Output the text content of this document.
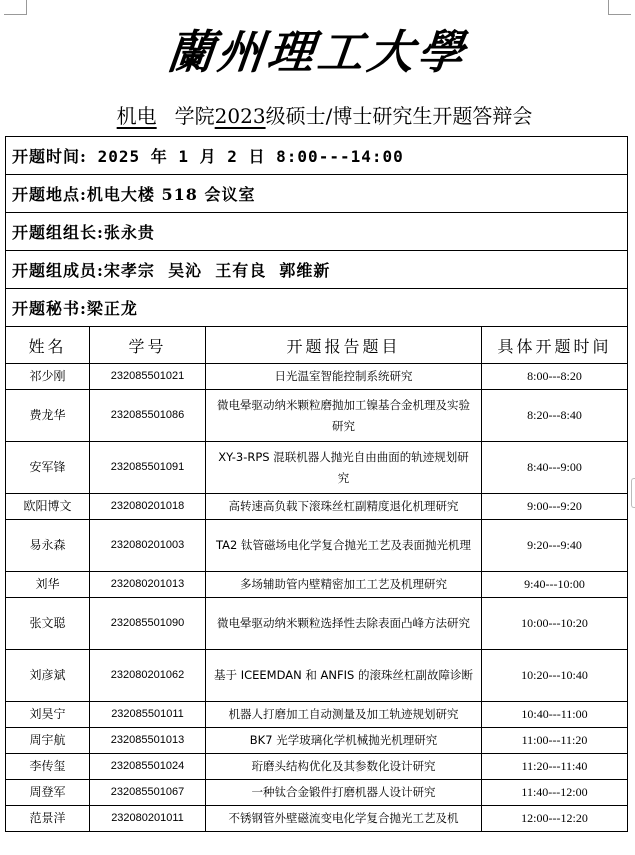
蘭州理工大學
机电 学院2023级硕士/博士研究生开题答辩会
开题时间: 2025 年 1 月 2 日 8:00---14:00			
开题地点:机电大楼 518 会议室			
开题组组长:张永贵			
开题组成员:宋孝宗  吴沁  王有良  郭维新			
开题秘书:梁正龙			
姓名	学号	开题报告题目	具体开题时间
祁少刚	232085501021	日光温室智能控制系统研究	8:00---8:20
费龙华	232085501086	微电晕驱动纳米颗粒磨抛加工镍基合金机理及实验研究	8:20---8:40
安军锋	232085501091	XY-3-RPS 混联机器人抛光自由曲面的轨迹规划研究	8:40---9:00
欧阳博文	232080201018	高转速高负载下滚珠丝杠副精度退化机理研究	9:00---9:20
易永森	232080201003	TA2 钛管磁场电化学复合抛光工艺及表面抛光机理	9:20---9:40
刘华	232080201013	多场辅助管内壁精密加工工艺及机理研究	9:40---10:00
张文聪	232085501090	微电晕驱动纳米颗粒选择性去除表面凸峰方法研究	10:00---10:20
刘彦斌	232080201062	基于 ICEEMDAN 和 ANFIS 的滚珠丝杠副故障诊断	10:20---10:40
刘昊宁	232085501011	机器人打磨加工自动测量及加工轨迹规划研究	10:40---11:00
周宇航	232085501013	BK7 光学玻璃化学机械抛光机理研究	11:00---11:20
李传玺	232085501024	珩磨头结构优化及其参数化设计研究	11:20---11:40
周登军	232085501067	一种钛合金锻件打磨机器人设计研究	11:40---12:00
范景洋	232080201011	不锈钢管外壁磁流变电化学复合抛光工艺及机	12:00---12:20
